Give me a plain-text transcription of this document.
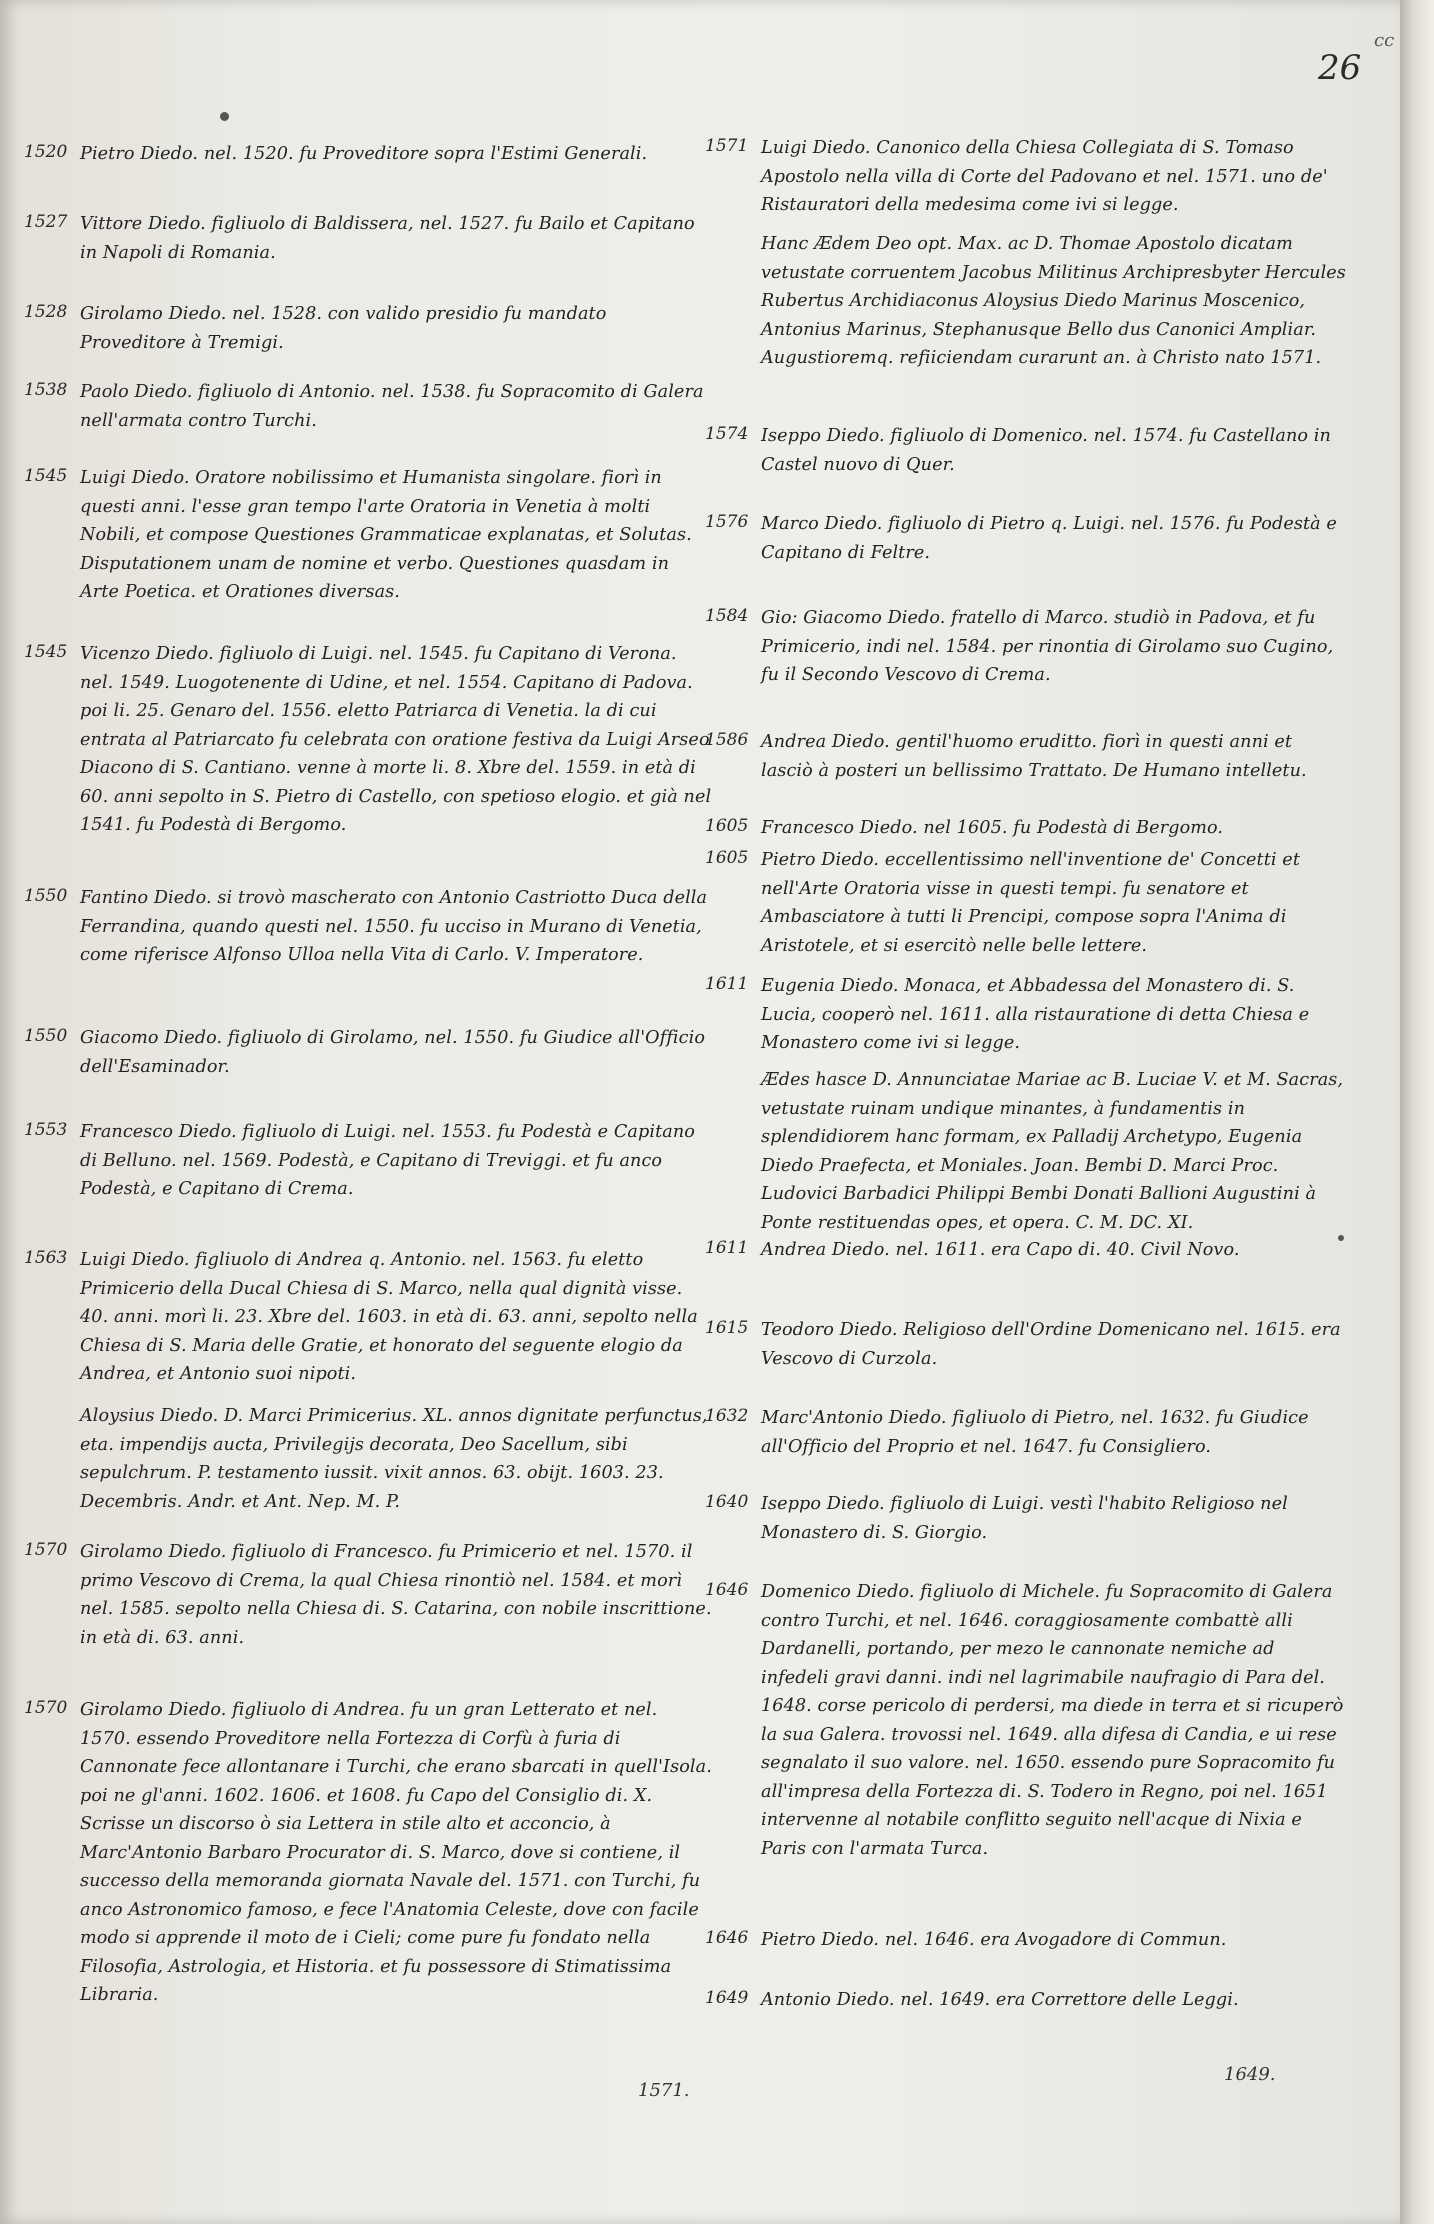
26
cc
1520 Pietro Diedo. nel. 1520. fu Proveditore sopra l'Estimi Generali.
1527 Vittore Diedo. figliuolo di Baldissera, nel. 1527. fu Bailo et Capitano in Napoli di Romania.
1528 Girolamo Diedo. nel. 1528. con valido presidio fu mandato Proveditore à Tremigi.
1538 Paolo Diedo. figliuolo di Antonio. nel. 1538. fu Sopracomito di Galera nell'armata contro Turchi.
1545 Luigi Diedo. Oratore nobilissimo et Humanista singolare. fiorì in questi anni. l'esse gran tempo l'arte Oratoria in Venetia à molti Nobili, et compose Questiones Grammaticae explanatas, et Solutas. Disputationem unam de nomine et verbo. Questiones quasdam in Arte Poetica. et Orationes diversas.
1545 Vicenzo Diedo. figliuolo di Luigi. nel. 1545. fu Capitano di Verona. nel. 1549. Luogotenente di Udine, et nel. 1554. Capitano di Padova. poi li. 25. Genaro del. 1556. eletto Patriarca di Venetia. la di cui entrata al Patriarcato fu celebrata con oratione festiva da Luigi Arseo Diacono di S. Cantiano. venne à morte li. 8. Xbre del. 1559. in età di 60. anni sepolto in S. Pietro di Castello, con spetioso elogio. et già nel 1541. fu Podestà di Bergomo.
1550 Fantino Diedo. si trovò mascherato con Antonio Castriotto Duca della Ferrandina, quando questi nel. 1550. fu ucciso in Murano di Venetia, come riferisce Alfonso Ulloa nella Vita di Carlo. V. Imperatore.
1550 Giacomo Diedo. figliuolo di Girolamo, nel. 1550. fu Giudice all'Officio dell'Esaminador.
1553 Francesco Diedo. figliuolo di Luigi. nel. 1553. fu Podestà e Capitano di Belluno. nel. 1569. Podestà, e Capitano di Treviggi. et fu anco Podestà, e Capitano di Crema.
1563 Luigi Diedo. figliuolo di Andrea q. Antonio. nel. 1563. fu eletto Primicerio della Ducal Chiesa di S. Marco, nella qual dignità visse. 40. anni. morì li. 23. Xbre del. 1603. in età di. 63. anni, sepolto nella Chiesa di S. Maria delle Gratie, et honorato del seguente elogio da Andrea, et Antonio suoi nipoti.
Aloysius Diedo. D. Marci Primicerius. XL. annos dignitate perfunctus, eta. impendijs aucta, Privilegijs decorata, Deo Sacellum, sibi sepulchrum. P. testamento iussit. vixit annos. 63. obijt. 1603. 23. Decembris. Andr. et Ant. Nep. M. P.
1570 Girolamo Diedo. figliuolo di Francesco. fu Primicerio et nel. 1570. il primo Vescovo di Crema, la qual Chiesa rinontiò nel. 1584. et morì nel. 1585. sepolto nella Chiesa di. S. Catarina, con nobile inscrittione. in età di. 63. anni.
1570 Girolamo Diedo. figliuolo di Andrea. fu un gran Letterato et nel. 1570. essendo Proveditore nella Fortezza di Corfù à furia di Cannonate fece allontanare i Turchi, che erano sbarcati in quell'Isola. poi ne gl'anni. 1602. 1606. et 1608. fu Capo del Consiglio di. X. Scrisse un discorso ò sia Lettera in stile alto et acconcio, à Marc'Antonio Barbaro Procurator di. S. Marco, dove si contiene, il successo della memoranda giornata Navale del. 1571. con Turchi, fu anco Astronomico famoso, e fece l'Anatomia Celeste, dove con facile modo si apprende il moto de i Cieli; come pure fu fondato nella Filosofia, Astrologia, et Historia. et fu possessore di Stimatissima Libraria.
1571 Luigi Diedo. Canonico della Chiesa Collegiata di S. Tomaso Apostolo nella villa di Corte del Padovano et nel. 1571. uno de' Ristauratori della medesima come ivi si legge.
Hanc Ædem Deo opt. Max. ac D. Thomae Apostolo dicatam vetustate corruentem Jacobus Militinus Archipresbyter Hercules Rubertus Archidiaconus Aloysius Diedo Marinus Moscenico, Antonius Marinus, Stephanusque Bello dus Canonici Ampliar. Augustioremq. refiiciendam curarunt an. à Christo nato 1571.
1574 Iseppo Diedo. figliuolo di Domenico. nel. 1574. fu Castellano in Castel nuovo di Quer.
1576 Marco Diedo. figliuolo di Pietro q. Luigi. nel. 1576. fu Podestà e Capitano di Feltre.
1584 Gio: Giacomo Diedo. fratello di Marco. studiò in Padova, et fu Primicerio, indi nel. 1584. per rinontia di Girolamo suo Cugino, fu il Secondo Vescovo di Crema.
1586 Andrea Diedo. gentil'huomo eruditto. fiorì in questi anni et lasciò à posteri un bellissimo Trattato. De Humano intelletu.
1605 Francesco Diedo. nel 1605. fu Podestà di Bergomo.
1605 Pietro Diedo. eccellentissimo nell'inventione de' Concetti et nell'Arte Oratoria visse in questi tempi. fu senatore et Ambasciatore à tutti li Prencipi, compose sopra l'Anima di Aristotele, et si esercitò nelle belle lettere.
1611 Eugenia Diedo. Monaca, et Abbadessa del Monastero di. S. Lucia, cooperò nel. 1611. alla ristauratione di detta Chiesa e Monastero come ivi si legge.
Ædes hasce D. Annunciatae Mariae ac B. Luciae V. et M. Sacras, vetustate ruinam undique minantes, à fundamentis in splendidiorem hanc formam, ex Palladij Archetypo, Eugenia Diedo Praefecta, et Moniales. Joan. Bembi D. Marci Proc. Ludovici Barbadici Philippi Bembi Donati Ballioni Augustini à Ponte restituendas opes, et opera. C. M. DC. XI.
1611 Andrea Diedo. nel. 1611. era Capo di. 40. Civil Novo.
1615 Teodoro Diedo. Religioso dell'Ordine Domenicano nel. 1615. era Vescovo di Curzola.
1632 Marc'Antonio Diedo. figliuolo di Pietro, nel. 1632. fu Giudice all'Officio del Proprio et nel. 1647. fu Consigliero.
1640 Iseppo Diedo. figliuolo di Luigi. vestì l'habito Religioso nel Monastero di. S. Giorgio.
1646 Domenico Diedo. figliuolo di Michele. fu Sopracomito di Galera contro Turchi, et nel. 1646. coraggiosamente combattè alli Dardanelli, portando, per mezo le cannonate nemiche ad infedeli gravi danni. indi nel lagrimabile naufragio di Para del. 1648. corse pericolo di perdersi, ma diede in terra et si ricuperò la sua Galera. trovossi nel. 1649. alla difesa di Candia, e ui rese segnalato il suo valore. nel. 1650. essendo pure Sopracomito fu all'impresa della Fortezza di. S. Todero in Regno, poi nel. 1651 intervenne al notabile conflitto seguito nell'acque di Nixia e Paris con l'armata Turca.
1646 Pietro Diedo. nel. 1646. era Avogadore di Commun.
1649 Antonio Diedo. nel. 1649. era Correttore delle Leggi.
1571.
1649.
